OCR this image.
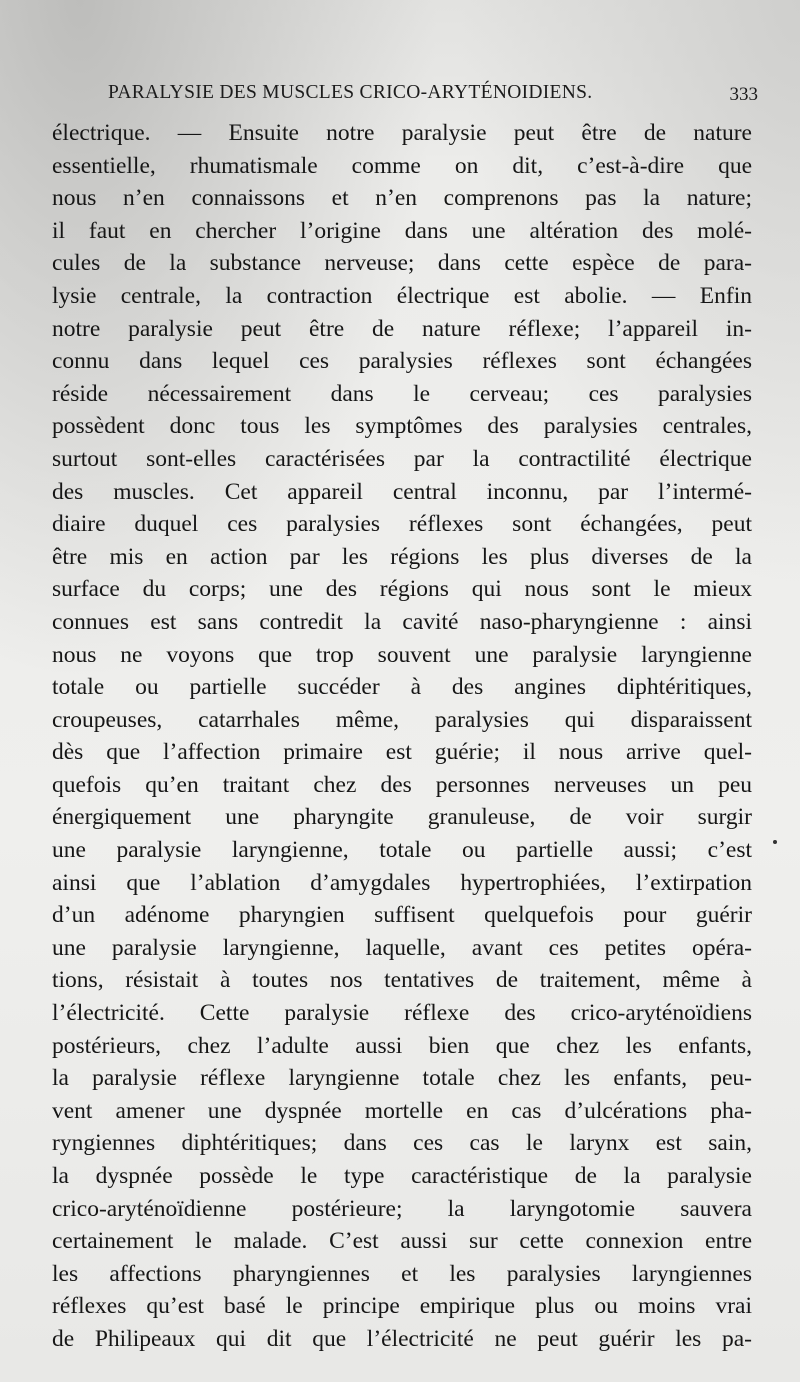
PARALYSIE DES MUSCLES CRICO-ARYTÉNOIDIENS.	333
électrique. — Ensuite notre paralysie peut être de nature
essentielle, rhumatismale comme on dit, c’est-à-dire que
nous n’en connaissons et n’en comprenons pas la nature;
il faut en chercher l’origine dans une altération des molé-
cules de la substance nerveuse; dans cette espèce de para-
lysie centrale, la contraction électrique est abolie. — Enfin
notre paralysie peut être de nature réflexe; l’appareil in-
connu dans lequel ces paralysies réflexes sont échangées
réside nécessairement dans le cerveau; ces paralysies
possèdent donc tous les symptômes des paralysies centrales,
surtout sont-elles caractérisées par la contractilité électrique
des muscles. Cet appareil central inconnu, par l’intermé-
diaire duquel ces paralysies réflexes sont échangées, peut
être mis en action par les régions les plus diverses de la
surface du corps; une des régions qui nous sont le mieux
connues est sans contredit la cavité naso-pharyngienne : ainsi
nous ne voyons que trop souvent une paralysie laryngienne
totale ou partielle succéder à des angines diphtéritiques,
croupeuses, catarrhales même, paralysies qui disparaissent
dès que l’affection primaire est guérie; il nous arrive quel-
quefois qu’en traitant chez des personnes nerveuses un peu
énergiquement une pharyngite granuleuse, de voir surgir
une paralysie laryngienne, totale ou partielle aussi; c’est
ainsi que l’ablation d’amygdales hypertrophiées, l’extirpation
d’un adénome pharyngien suffisent quelquefois pour guérir
une paralysie laryngienne, laquelle, avant ces petites opéra-
tions, résistait à toutes nos tentatives de traitement, même à
l’électricité. Cette paralysie réflexe des crico-aryténoïdiens
postérieurs, chez l’adulte aussi bien que chez les enfants,
la paralysie réflexe laryngienne totale chez les enfants, peu-
vent amener une dyspnée mortelle en cas d’ulcérations pha-
ryngiennes diphtéritiques; dans ces cas le larynx est sain,
la dyspnée possède le type caractéristique de la paralysie
crico-aryténoïdienne postérieure; la laryngotomie sauvera
certainement le malade. C’est aussi sur cette connexion entre
les affections pharyngiennes et les paralysies laryngiennes
réflexes qu’est basé le principe empirique plus ou moins vrai
de Philipeaux qui dit que l’électricité ne peut guérir les pa-
